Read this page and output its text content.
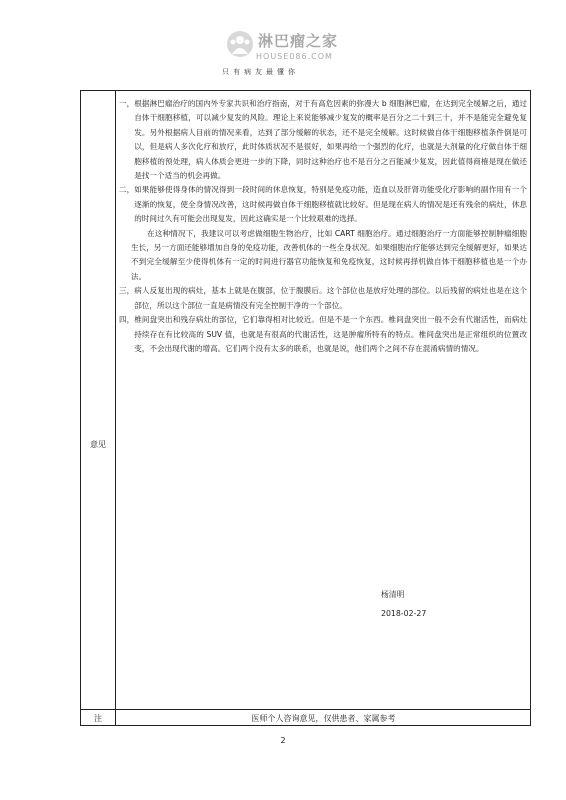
淋巴瘤之家
HOUSE086.COM
只有病友最懂你
意见
注	医师个人咨询意见，仅供患者、家属参考
一， 根据淋巴瘤治疗的国内外专家共识和治疗指南，对于有高危因素的弥漫大 b 细胞淋巴瘤，在达到完全缓解之后，通过自体干细胞移植，可以减少复发的风险。理论上来说能够减少复发的概率是百分之二十到三十，并不是能完全避免复发。另外根据病人目前的情况来看，达到了部分缓解的状态，还不是完全缓解。这时候做自体干细胞移植条件倒是可以，但是病人多次化疗和放疗，此时体质状况不是很好，如果再给一个强烈的化疗，也就是大剂量的化疗做自体干细胞移植的预处理，病人体质会更进一步的下降，同时这种治疗也不是百分之百能减少复发，因此值得商榷是现在做还是找一个适当的机会再做。
二， 如果能够使得身体的情况得到一段时间的休息恢复，特别是免疫功能，造血以及肝肾功能受化疗影响的副作用有一个逐渐的恢复，使全身情况改善，这时候再做自体干细胞移植就比较好。但是现在病人的情况是还有残余的病灶，休息的时间过久有可能会出现复发，因此这确实是一个比较艰难的选择。

在这种情况下，我建议可以考虑做细胞生物治疗，比如 CART 细胞治疗。通过细胞治疗一方面能够控制肿瘤细胞生长，另一方面还能够增加自身的免疫功能，改善机体的一些全身状况。如果细胞治疗能够达到完全缓解更好，如果达不到完全缓解至少使得机体有一定的时间进行器官功能恢复和免疫恢复，这时候再择机做自体干细胞移植也是一个办法。

三， 病人反复出现的病灶，基本上就是在腹部，位于腹膜后。这个部位也是放疗处理的部位。以后残留的病灶也是在这个部位，所以这个部位一直是病情没有完全控制干净的一个部位。
四， 椎间盘突出和残存病灶的部位，它们靠得相对比较近。但是不是一个东西。椎间盘突出一般不会有代谢活性，而病灶持续存在有比较高的 SUV 值，也就是有很高的代谢活性，这是肿瘤所特有的特点。椎间盘突出是正常组织的位置改变，不会出现代谢的增高。它们两个没有太多的联系，也就是说，他们两个之间不存在混淆病情的情况。
杨清明
2018-02-27
2
